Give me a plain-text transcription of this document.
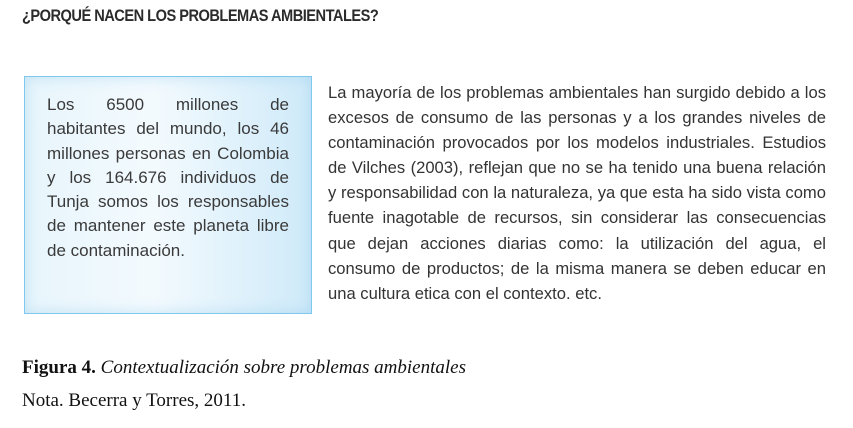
¿PORQUÉ NACEN LOS PROBLEMAS AMBIENTALES?
Los 6500 millones de habitantes del mundo, los 46 millones personas en Colombia y los 164.676 individuos de Tunja somos los responsables de mantener este planeta libre de contaminación.
La mayoría de los problemas ambientales han surgido debido a los excesos de consumo de las personas y a los grandes niveles de contaminación provocados por los modelos industriales. Estudios de Vilches (2003), reflejan que no se ha tenido una buena relación y responsabilidad con la naturaleza, ya que esta ha sido vista como fuente inagotable de recursos, sin considerar las consecuencias que dejan acciones diarias como: la utilización del agua, el consumo de productos; de la misma manera se deben educar en una cultura etica con el contexto. etc.
Figura 4. Contextualización sobre problemas ambientales
Nota. Becerra y Torres, 2011.
